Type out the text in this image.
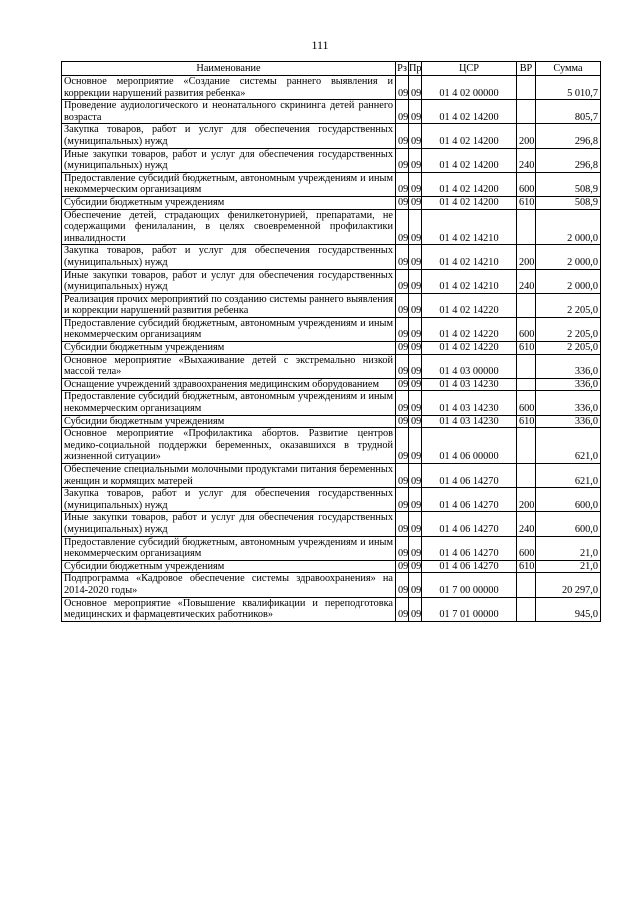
111
Наименование	Рз	Пр	ЦСР	ВР	Сумма
Основное мероприятие «Создание системы раннего выявления и коррекции нарушений развития ребенка»	09	09	01 4 02 00000		5 010,7
Проведение аудиологического и неонатального скрининга детей раннего возраста	09	09	01 4 02 14200		805,7
Закупка товаров, работ и услуг для обеспечения государственных (муниципальных) нужд	09	09	01 4 02 14200	200	296,8
Иные закупки товаров, работ и услуг для обеспечения государственных (муниципальных) нужд	09	09	01 4 02 14200	240	296,8
Предоставление субсидий бюджетным, автономным учреждениям и иным некоммерческим организациям	09	09	01 4 02 14200	600	508,9
Субсидии бюджетным учреждениям	09	09	01 4 02 14200	610	508,9
Обеспечение детей, страдающих фенилкетонурией, препаратами, не содержащими фенилаланин, в целях своевременной профилактики инвалидности	09	09	01 4 02 14210		2 000,0
Закупка товаров, работ и услуг для обеспечения государственных (муниципальных) нужд	09	09	01 4 02 14210	200	2 000,0
Иные закупки товаров, работ и услуг для обеспечения государственных (муниципальных) нужд	09	09	01 4 02 14210	240	2 000,0
Реализация прочих мероприятий по созданию системы раннего выявления и коррекции нарушений развития ребенка	09	09	01 4 02 14220		2 205,0
Предоставление субсидий бюджетным, автономным учреждениям и иным некоммерческим организациям	09	09	01 4 02 14220	600	2 205,0
Субсидии бюджетным учреждениям	09	09	01 4 02 14220	610	2 205,0
Основное мероприятие «Выхаживание детей с экстремально низкой массой тела»	09	09	01 4 03 00000		336,0
Оснащение учреждений здравоохранения медицинским оборудованием	09	09	01 4 03 14230		336,0
Предоставление субсидий бюджетным, автономным учреждениям и иным некоммерческим организациям	09	09	01 4 03 14230	600	336,0
Субсидии бюджетным учреждениям	09	09	01 4 03 14230	610	336,0
Основное мероприятие «Профилактика абортов. Развитие центров медико-социальной поддержки беременных, оказавшихся в трудной жизненной ситуации»	09	09	01 4 06 00000		621,0
Обеспечение специальными молочными продуктами питания беременных женщин и кормящих матерей	09	09	01 4 06 14270		621,0
Закупка товаров, работ и услуг для обеспечения государственных (муниципальных) нужд	09	09	01 4 06 14270	200	600,0
Иные закупки товаров, работ и услуг для обеспечения государственных (муниципальных) нужд	09	09	01 4 06 14270	240	600,0
Предоставление субсидий бюджетным, автономным учреждениям и иным некоммерческим организациям	09	09	01 4 06 14270	600	21,0
Субсидии бюджетным учреждениям	09	09	01 4 06 14270	610	21,0
Подпрограмма «Кадровое обеспечение системы здравоохранения» на 2014-2020 годы»	09	09	01 7 00 00000		20 297,0
Основное мероприятие «Повышение квалификации и переподготовка медицинских и фармацевтических работников»	09	09	01 7 01 00000		945,0
